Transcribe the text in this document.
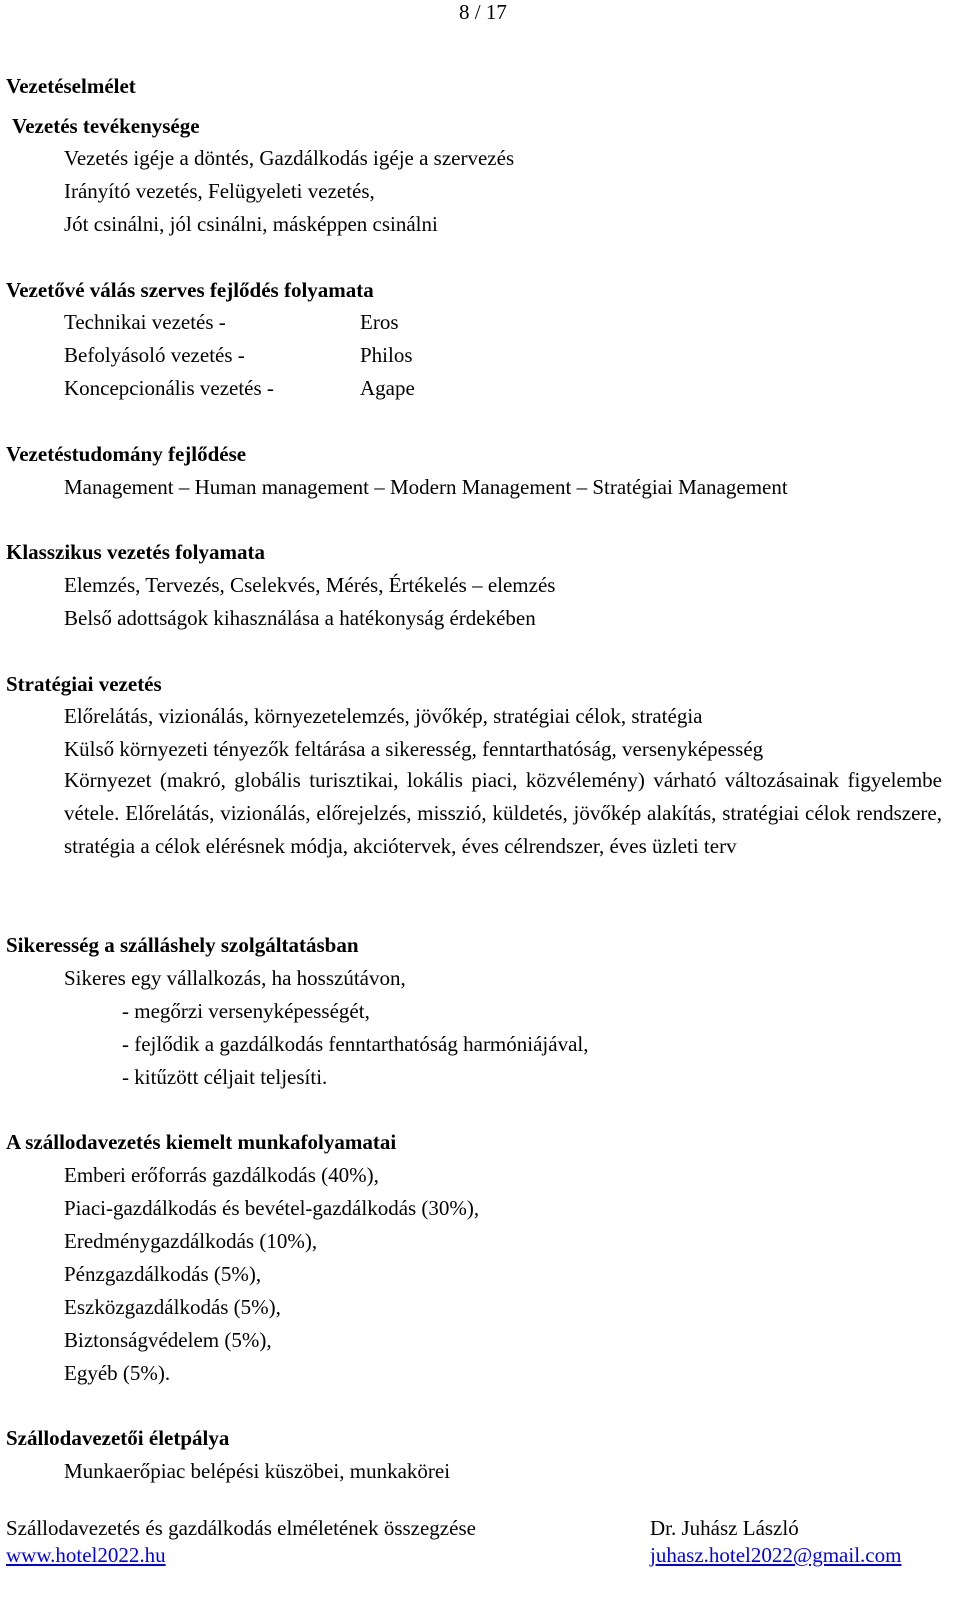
8 / 17
Vezetéselmélet
Vezetés tevékenysége
Vezetés igéje a döntés, Gazdálkodás igéje a szervezés
Irányító vezetés, Felügyeleti vezetés,
Jót csinálni, jól csinálni, másképpen csinálni
Vezetővé válás szerves fejlődés folyamata
Technikai vezetés -	Eros
Befolyásoló vezetés -	Philos
Koncepcionális vezetés -	Agape
Vezetéstudomány fejlődése
Management – Human management – Modern Management – Stratégiai Management
Klasszikus vezetés folyamata
Elemzés, Tervezés, Cselekvés, Mérés, Értékelés – elemzés
Belső adottságok kihasználása a hatékonyság érdekében
Stratégiai vezetés
Előrelátás, vizionálás, környezetelemzés, jövőkép, stratégiai célok, stratégia
Külső környezeti tényezők feltárása a sikeresség, fenntarthatóság, versenyképesség
Környezet (makró, globális turisztikai, lokális piaci, közvélemény) várható változásainak figyelembe vétele. Előrelátás, vizionálás, előrejelzés, misszió, küldetés, jövőkép alakítás, stratégiai célok rendszere, stratégia a célok elérésnek módja, akciótervek, éves célrendszer, éves üzleti terv
Sikeresség a szálláshely szolgáltatásban
Sikeres egy vállalkozás, ha hosszútávon,
- megőrzi versenyképességét,
- fejlődik a gazdálkodás fenntarthatóság harmóniájával,
- kitűzött céljait teljesíti.
A szállodavezetés kiemelt munkafolyamatai
Emberi erőforrás gazdálkodás (40%),
Piaci-gazdálkodás és bevétel-gazdálkodás (30%),
Eredménygazdálkodás (10%),
Pénzgazdálkodás (5%),
Eszközgazdálkodás (5%),
Biztonságvédelem (5%),
Egyéb (5%).
Szállodavezetői életpálya
Munkaerőpiac belépési küszöbei, munkakörei
Szállodavezetés és gazdálkodás elméletének összegzése
www.hotel2022.hu
Dr. Juhász László
juhasz.hotel2022@gmail.com
